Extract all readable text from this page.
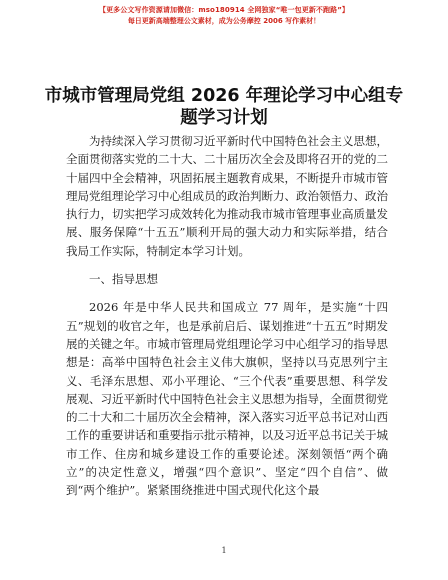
【更多公文写作资源请加微信：mso180914 全网独家“唯一包更新不跑路”】
每日更新高端整理公文素材，成为公务摩控 2006 写作素材！
市城市管理局党组 2026 年理论学习中心组专题学习计划

为持续深入学习贯彻习近平新时代中国特色社会主义思想，全面贯彻落实党的二十大、二十届历次全会及即将召开的党的二十届四中全会精神，巩固拓展主题教育成果，不断提升市城市管理局党组理论学习中心组成员的政治判断力、政治领悟力、政治执行力，切实把学习成效转化为推动我市城市管理事业高质量发展、服务保障“十五五”顺利开局的强大动力和实际举措，结合我局工作实际，特制定本学习计划。

一、指导思想

2026 年是中华人民共和国成立 77 周年，是实施“十四五”规划的收官之年，也是承前启后、谋划推进“十五五”时期发展的关键之年。市城市管理局党组理论学习中心组学习的指导思想是：高举中国特色社会主义伟大旗帜，坚持以马克思列宁主义、毛泽东思想、邓小平理论、“三个代表”重要思想、科学发展观、习近平新时代中国特色社会主义思想为指导，全面贯彻党的二十大和二十届历次全会精神，深入落实习近平总书记对山西工作的重要讲话和重要指示批示精神，以及习近平总书记关于城市工作、住房和城乡建设工作的重要论述。深刻领悟“两个确立”的决定性意义，增强“四个意识”、坚定“四个自信”、做到“两个维护”。紧紧围绕推进中国式现代化这个最

1
